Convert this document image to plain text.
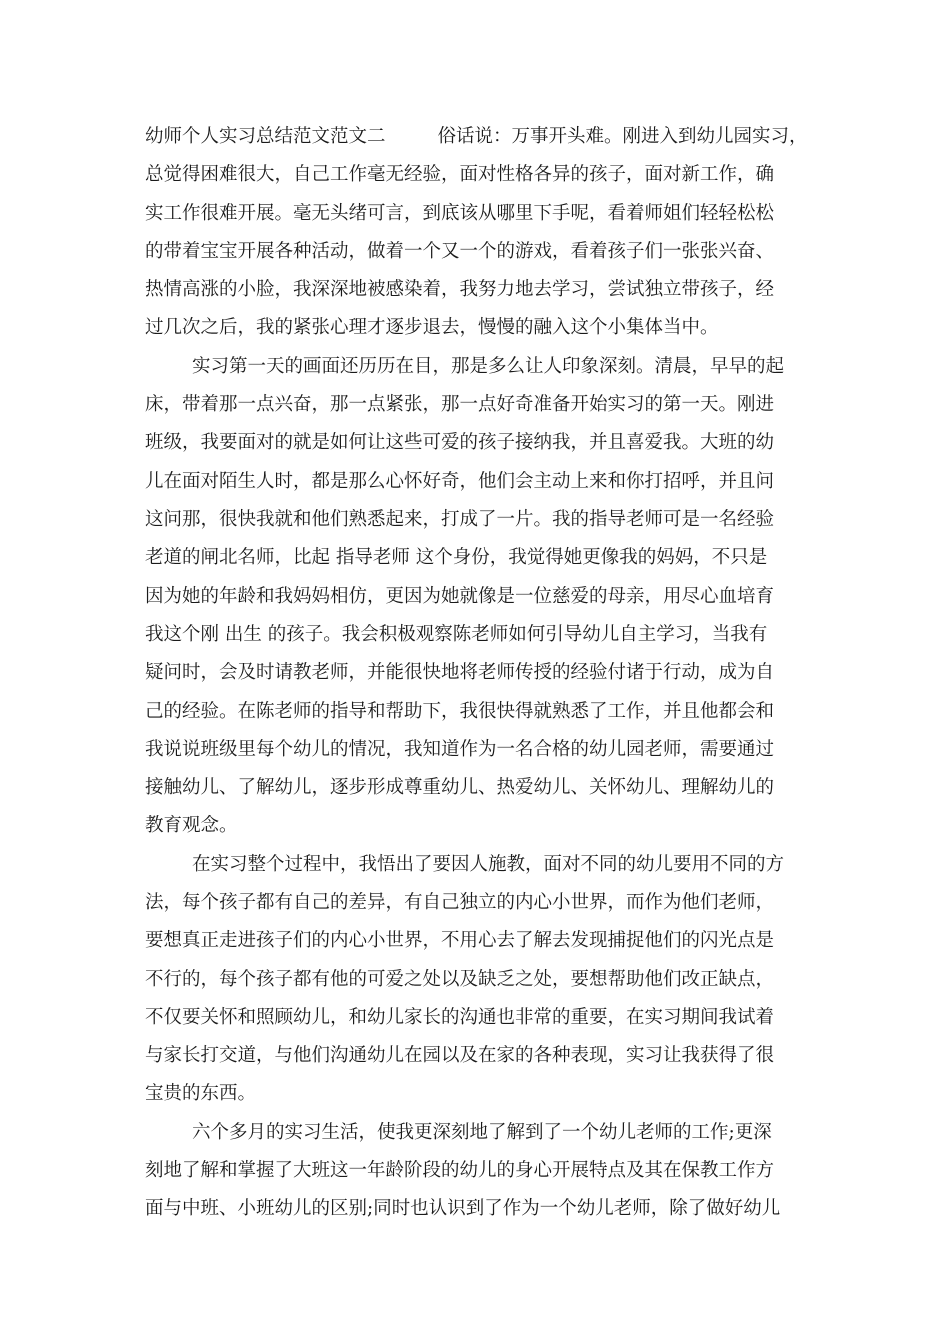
幼师个人实习总结范文范文二	俗话说：万事开头难。刚进入到幼儿园实习，
总觉得困难很大，自己工作毫无经验，面对性格各异的孩子，面对新工作，确
实工作很难开展。毫无头绪可言，到底该从哪里下手呢，看着师姐们轻轻松松
的带着宝宝开展各种活动，做着一个又一个的游戏，看着孩子们一张张兴奋、
热情高涨的小脸，我深深地被感染着，我努力地去学习，尝试独立带孩子，经
过几次之后，我的紧张心理才逐步退去，慢慢的融入这个小集体当中。
实习第一天的画面还历历在目，那是多么让人印象深刻。清晨，早早的起
床，带着那一点兴奋，那一点紧张，那一点好奇准备开始实习的第一天。刚进
班级，我要面对的就是如何让这些可爱的孩子接纳我，并且喜爱我。大班的幼
儿在面对陌生人时，都是那么心怀好奇，他们会主动上来和你打招呼，并且问
这问那，很快我就和他们熟悉起来，打成了一片。我的指导老师可是一名经验
老道的闸北名师，比起 指导老师 这个身份，我觉得她更像我的妈妈，不只是
因为她的年龄和我妈妈相仿，更因为她就像是一位慈爱的母亲，用尽心血培育
我这个刚 出生 的孩子。我会积极观察陈老师如何引导幼儿自主学习，当我有
疑问时，会及时请教老师，并能很快地将老师传授的经验付诸于行动，成为自
己的经验。在陈老师的指导和帮助下，我很快得就熟悉了工作，并且他都会和
我说说班级里每个幼儿的情况，我知道作为一名合格的幼儿园老师，需要通过
接触幼儿、了解幼儿，逐步形成尊重幼儿、热爱幼儿、关怀幼儿、理解幼儿的
教育观念。
在实习整个过程中，我悟出了要因人施教，面对不同的幼儿要用不同的方
法，每个孩子都有自己的差异，有自己独立的内心小世界，而作为他们老师，
要想真正走进孩子们的内心小世界，不用心去了解去发现捕捉他们的闪光点是
不行的，每个孩子都有他的可爱之处以及缺乏之处，要想帮助他们改正缺点，
不仅要关怀和照顾幼儿，和幼儿家长的沟通也非常的重要，在实习期间我试着
与家长打交道，与他们沟通幼儿在园以及在家的各种表现，实习让我获得了很
宝贵的东西。
六个多月的实习生活，使我更深刻地了解到了一个幼儿老师的工作;更深
刻地了解和掌握了大班这一年龄阶段的幼儿的身心开展特点及其在保教工作方
面与中班、小班幼儿的区别;同时也认识到了作为一个幼儿老师，除了做好幼儿
